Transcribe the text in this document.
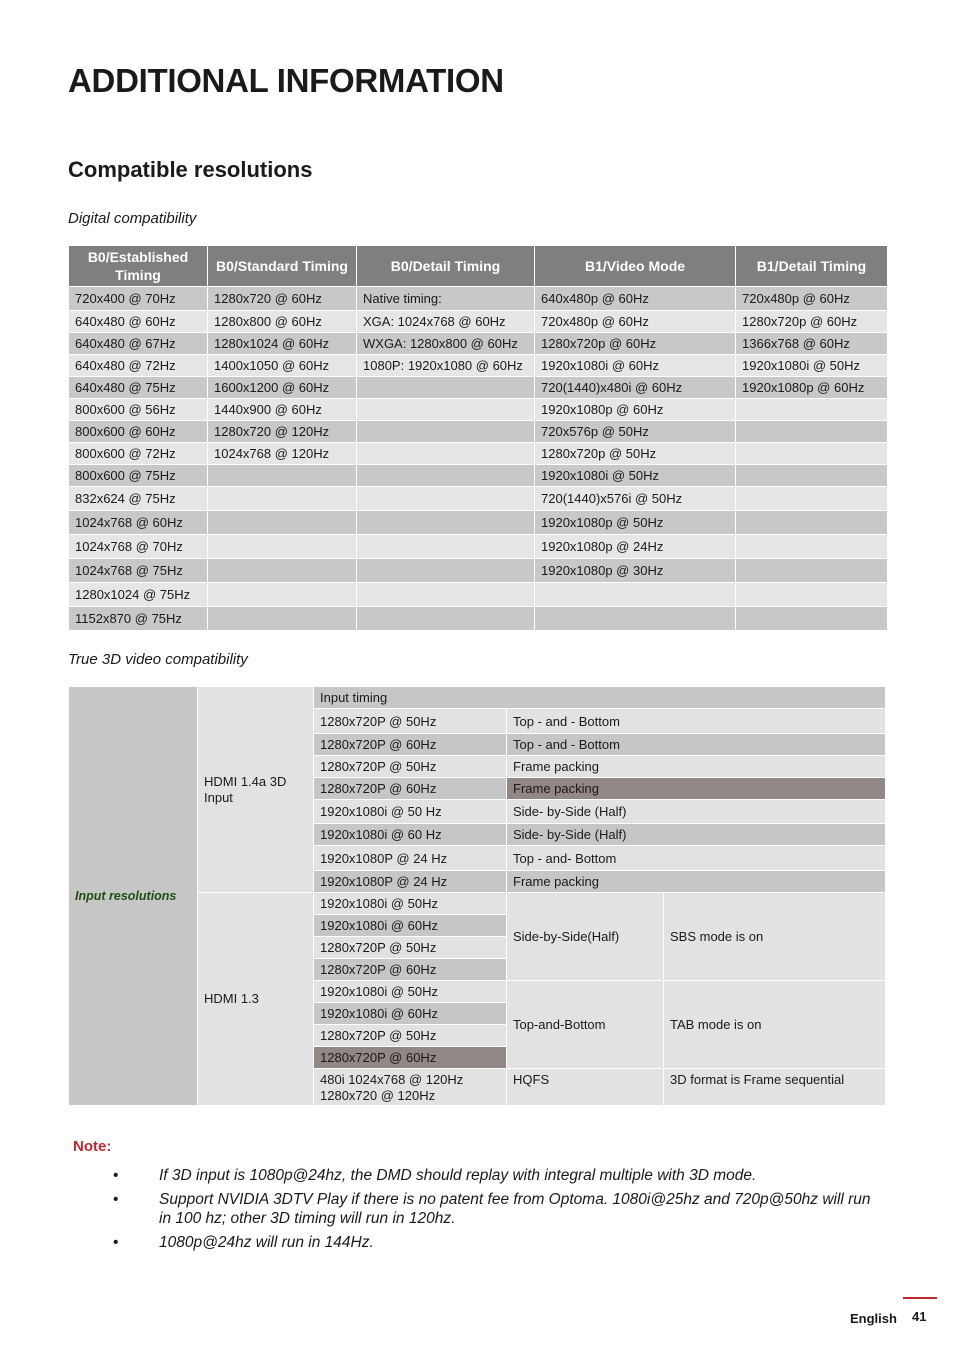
ADDITIONAL INFORMATION
Compatible resolutions
Digital compatibility
B0/Established Timing	B0/Standard Timing	B0/Detail Timing	B1/Video Mode	B1/Detail Timing
720x400 @ 70Hz	1280x720 @ 60Hz	Native timing:	640x480p @ 60Hz	720x480p @ 60Hz
640x480 @ 60Hz	1280x800 @ 60Hz	XGA: 1024x768 @ 60Hz	720x480p @ 60Hz	1280x720p @ 60Hz
640x480 @ 67Hz	1280x1024 @ 60Hz	WXGA: 1280x800 @ 60Hz	1280x720p @ 60Hz	1366x768 @ 60Hz
640x480 @ 72Hz	1400x1050 @ 60Hz	1080P: 1920x1080 @ 60Hz	1920x1080i @ 60Hz	1920x1080i @ 50Hz
640x480 @ 75Hz	1600x1200 @ 60Hz		720(1440)x480i @ 60Hz	1920x1080p @ 60Hz
800x600 @ 56Hz	1440x900 @ 60Hz		1920x1080p @ 60Hz	
800x600 @ 60Hz	1280x720 @ 120Hz		720x576p @ 50Hz	
800x600 @ 72Hz	1024x768 @ 120Hz		1280x720p @ 50Hz	
800x600 @ 75Hz			1920x1080i @ 50Hz	
832x624 @ 75Hz			720(1440)x576i @ 50Hz	
1024x768 @ 60Hz			1920x1080p @ 50Hz	
1024x768 @ 70Hz			1920x1080p @ 24Hz	
1024x768 @ 75Hz			1920x1080p @ 30Hz	
1280x1024 @ 75Hz				
1152x870 @ 75Hz				
True 3D video compatibility
Input resolutions	HDMI 1.4a 3D Input	Input timing		
		1280x720P @ 50Hz	Top - and - Bottom	
		1280x720P @ 60Hz	Top - and - Bottom	
		1280x720P @ 50Hz	Frame packing	
		1280x720P @ 60Hz	Frame packing	
		1920x1080i @ 50 Hz	Side- by-Side (Half)	
		1920x1080i @ 60 Hz	Side- by-Side (Half)	
		1920x1080P @ 24 Hz	Top - and- Bottom	
		1920x1080P @ 24 Hz	Frame packing	
	HDMI 1.3	1920x1080i @ 50Hz	Side-by-Side(Half)	SBS mode is on
		1920x1080i @ 60Hz		
		1280x720P @ 50Hz		
		1280x720P @ 60Hz		
		1920x1080i @ 50Hz	Top-and-Bottom	TAB mode is on
		1920x1080i @ 60Hz		
		1280x720P @ 50Hz		
		1280x720P @ 60Hz		
		480i 1024x768 @ 120Hz
1280x720 @ 120Hz	HQFS	3D format is Frame sequential
Note:
•	If 3D input is 1080p@24hz, the DMD should replay with integral multiple with 3D mode.
•	Support NVIDIA 3DTV Play if there is no patent fee from Optoma. 1080i@25hz and 720p@50hz will run in 100 hz; other 3D timing will run in 120hz.
•	1080p@24hz will run in 144Hz.
English 41
